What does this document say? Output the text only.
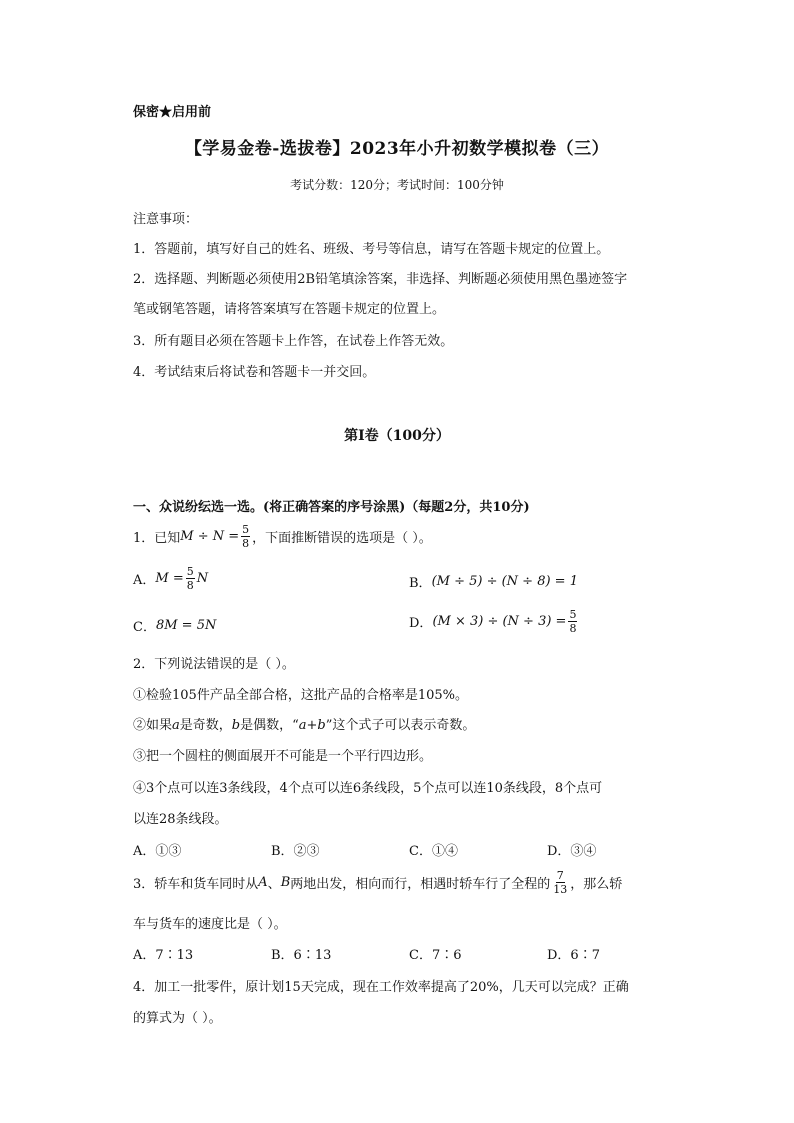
保密★启用前
【学易金卷-选拔卷】2023年小升初数学模拟卷（三）
考试分数：120分；考试时间：100分钟
注意事项：
1．答题前，填写好自己的姓名、班级、考号等信息，请写在答题卡规定的位置上。
2．选择题、判断题必须使用2B铅笔填涂答案，非选择、判断题必须使用黑色墨迹签字
笔或钢笔答题，请将答案填写在答题卡规定的位置上。
3．所有题目必须在答题卡上作答，在试卷上作答无效。
4．考试结束后将试卷和答题卡一并交回。
第I卷（100分）
一、众说纷纭选一选。(将正确答案的序号涂黑)（每题2分，共10分)
1．已知 $M \div N = \frac{5}{8}$ ，下面推断错误的选项是（ ）。
A． $M = \frac{5}{8}$ N	B． (M ÷ 5) ÷ (N ÷ 8) = 1
C． 8M = 5N	D． $(M \times 3) \div (N \div 3) = \frac{5}{8}$
2．下列说法错误的是（ ）。
①检验105件产品全部合格，这批产品的合格率是105%。
②如果a是奇数，b是偶数，“a+b”这个式子可以表示奇数。
③把一个圆柱的侧面展开不可能是一个平行四边形。
④3个点可以连3条线段，4个点可以连6条线段，5个点可以连10条线段，8个点可
以连28条线段。
A．①③	B．②③	C．①④	D．③④
3．轿车和货车同时从 A 、 B 两地出发，相向而行，相遇时轿车行了全程的 $\frac{7}{13}$ ，那么轿
车与货车的速度比是（ ）。
A．7∶13	B．6∶13	C．7∶6	D．6∶7
4．加工一批零件，原计划15天完成，现在工作效率提高了20%，几天可以完成？正确
的算式为（ ）。
